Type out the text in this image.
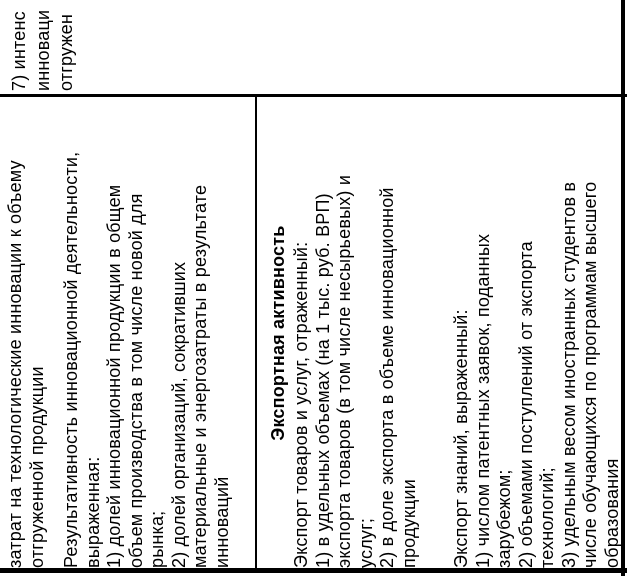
затрат на технологические инновации к объему
отгруженной продукции Результативность инновационной деятельности,
выраженная:
1) долей инновационной продукции в общем
объем производства в том числе новой для
рынка;
2) долей организаций, сокративших
материальные и энергозатраты в результате
инноваций

Экспортная активность Экспорт товаров и услуг, отраженный:
1) в удельных объемах (на 1 тыс. руб. ВРП)
экспорта товаров (в том числе несырьевых) и
услуг;
2) в доле экспорта в объеме инновационной
продукции Экспорт знаний, выраженный:
1) числом патентных заявок, поданных
зарубежом;
2) объемами поступлений от экспорта
технологий;
3) удельным весом иностранных студентов в
числе обучающихся по программам высшего
образования

7) интенс инноваци отгружен
